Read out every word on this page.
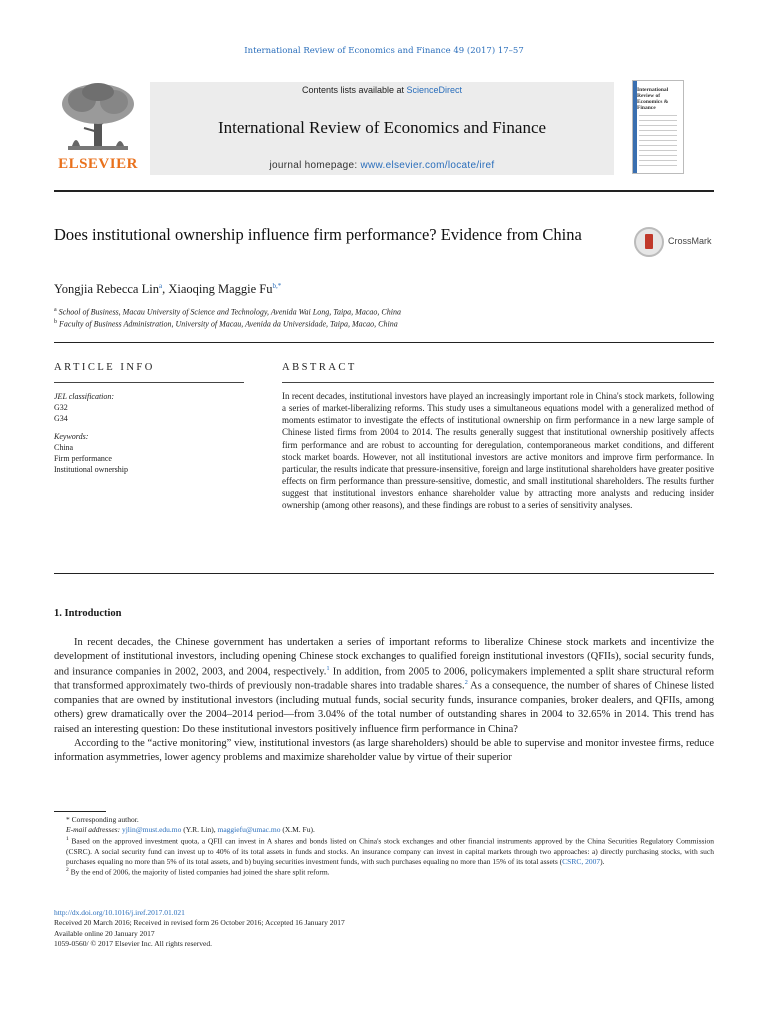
International Review of Economics and Finance 49 (2017) 17–57
ELSEVIER
Contents lists available at ScienceDirect
International Review of Economics and Finance
journal homepage: www.elsevier.com/locate/iref
International Review of Economics & Finance
Does institutional ownership influence firm performance? Evidence from China	CrossMark
Yongjia Rebecca Lin$^a$, Xiaoqing Maggie $Fu^{b,*}$
$^a$ School of Business, Macau University of Science and Technology, Avenida Wai Long, Taipa, Macao, China
$^b$ Faculty of Business Administration, University of Macau, Avenida da Universidade, Taipa, Macao, China
ARTICLE INFO	ABSTRACT
JEL classification:
G32
G34
Keywords:
China
Firm performance
Institutional ownership
In recent decades, institutional investors have played an increasingly important role in China's stock markets, following a series of market-liberalizing reforms. This study uses a simultaneous equations model with a generalized method of moments estimator to investigate the effects of institutional ownership on firm performance in a new large sample of Chinese listed firms from 2004 to 2014. The results generally suggest that institutional ownership positively affects firm performance and are robust to accounting for deregulation, contemporaneous market conditions, and different stock market boards. However, not all institutional investors are active monitors and improve firm performance. In particular, the results indicate that pressure-insensitive, foreign and large institutional shareholders have greater positive effects on firm performance than pressure-sensitive, domestic, and small institutional shareholders. The results further suggest that institutional investors enhance shareholder value by attracting more analysts and reducing insider ownership (among other reasons), and these findings are robust to a series of sensitivity analyses.
1. Introduction

In recent decades, the Chinese government has undertaken a series of important reforms to liberalize Chinese stock markets and incentivize the development of institutional investors, including opening Chinese stock exchanges to qualified foreign institutional investors (QFIIs), social security funds, and insurance companies in 2002, 2003, and 2004, respectively.$^1$ In addition, from 2005 to 2006, policymakers implemented a split share structural reform that transformed approximately two-thirds of previously non-tradable shares into tradable shares.$^2$ As a consequence, the number of shares of Chinese listed companies that are owned by institutional investors (including mutual funds, social security funds, insurance companies, broker dealers, and QFIIs, among others) grew dramatically over the 2004–2014 period—from 3.04% of the total number of outstanding shares in 2004 to 32.65% in 2014. This trend has raised an interesting question: Do these institutional investors positively influence firm performance in China?

According to the “active monitoring” view, institutional investors (as large shareholders) should be able to supervise and monitor investee firms, reduce information asymmetries, lower agency problems and maximize shareholder value by virtue of their superior

* Corresponding author.
E-mail addresses: yjlin@must.edu.mo (Y.R. Lin), maggiefu@umac.mo (X.M. Fu).
$^1$ Based on the approved investment quota, a QFII can invest in A shares and bonds listed on China's stock exchanges and other financial instruments approved by the China Securities Regulatory Commission (CSRC). A social security fund can invest up to 40% of its total assets in funds and stocks. An insurance company can invest in capital markets through two approaches: a) directly purchasing stocks, with such purchases equaling no more than 5% of its total assets, and b) buying securities investment funds, with such purchases equaling no more than 15% of its total assets (CSRC, 2007).
$^2$ By the end of 2006, the majority of listed companies had joined the share split reform.
http://dx.doi.org/10.1016/j.iref.2017.01.021
Received 20 March 2016; Received in revised form 26 October 2016; Accepted 16 January 2017
Available online 20 January 2017
1059-0560/ © 2017 Elsevier Inc. All rights reserved.
